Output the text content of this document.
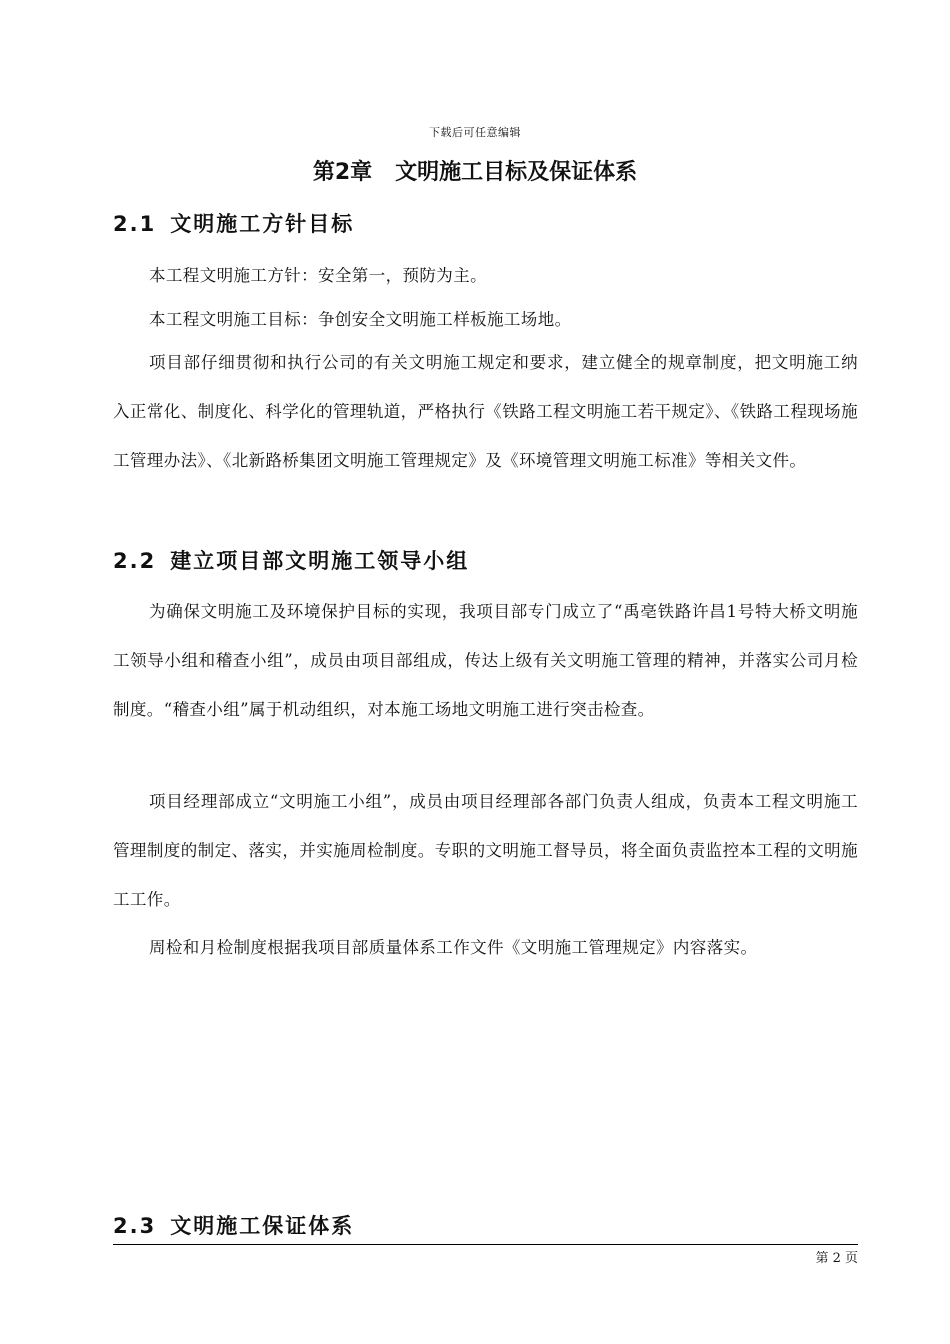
下载后可任意编辑
第2章   文明施工目标及保证体系
2.1 文明施工方针目标

本工程文明施工方针：安全第一，预防为主。

本工程文明施工目标：争创安全文明施工样板施工场地。

项目部仔细贯彻和执行公司的有关文明施工规定和要求，建立健全的规章制度，把文明施工纳入正常化、制度化、科学化的管理轨道，严格执行《铁路工程文明施工若干规定》、《铁路工程现场施工管理办法》、《北新路桥集团文明施工管理规定》及《环境管理文明施工标准》等相关文件。

2.2 建立项目部文明施工领导小组

为确保文明施工及环境保护目标的实现，我项目部专门成立了“禹亳铁路许昌1号特大桥文明施工领导小组和稽查小组”，成员由项目部组成，传达上级有关文明施工管理的精神，并落实公司月检制度。“稽查小组”属于机动组织，对本施工场地文明施工进行突击检查。

项目经理部成立“文明施工小组”，成员由项目经理部各部门负责人组成，负责本工程文明施工管理制度的制定、落实，并实施周检制度。专职的文明施工督导员，将全面负责监控本工程的文明施工工作。

周检和月检制度根据我项目部质量体系工作文件《文明施工管理规定》内容落实。

2.3 文明施工保证体系
第 2 页
